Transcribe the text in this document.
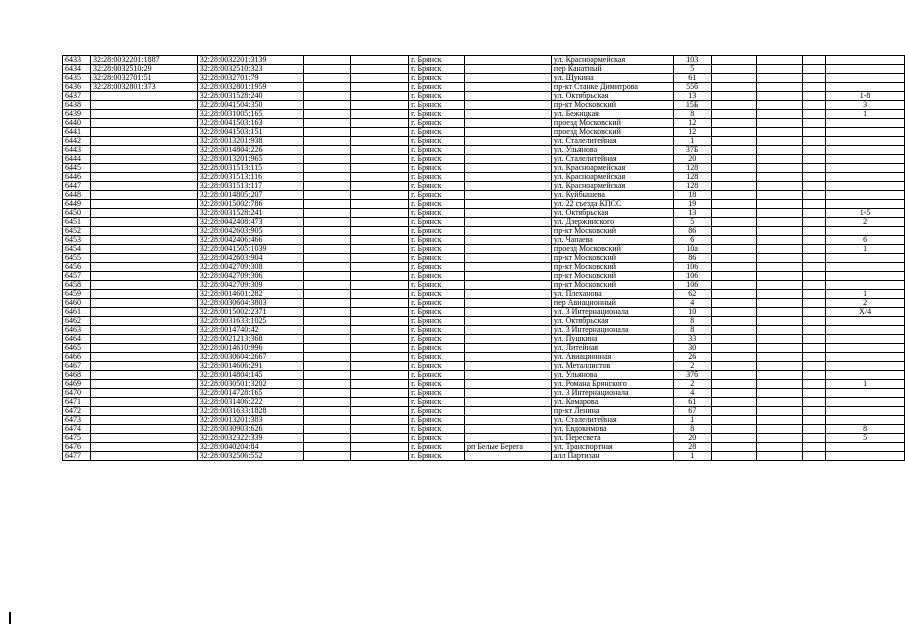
6433	32:28:0032201:1887	32:28:0032201:3139			г. Брянск		ул. Красноармейская	103				
6434	32:28:0032510:29	32:28:0032510:323			г. Брянск		пер Канатный	5				
6435	32:28:0032701:51	32:28:0032701:79			г. Брянск		ул. Щукина	61				
6436	32:28:0032801:373	32:28:0032801:1959			г. Брянск		пр-кт Станке Димитрова	55б				
6437		32:28:0031528:240			г. Брянск		ул. Октябрьская	13				1-8
6438		32:28:0041504:350			г. Брянск		пр-кт Московский	15Б				3
6439		32:28:0031005:165			г. Брянск		ул. Бежицкая	8				1
6440		32:28:0041503:163			г. Брянск		проезд Московский	12				
6441		32:28:0041503:151			г. Брянск		проезд Московский	12				
6442		32:28:0013201:938			г. Брянск		ул. Сталелитейная	1				
6443		32:28:0014804:226			г. Брянск		ул. Ульянова	37Б				
6444		32:28:0013201:965			г. Брянск		ул. Сталелитейная	20				
6445		32:28:0031513:115			г. Брянск		ул. Красноармейская	128				
6446		32:28:0031513:116			г. Брянск		ул. Красноармейская	128				
6447		32:28:0031513:117			г. Брянск		ул. Красноармейская	128				
6448		32:28:0014805:207			г. Брянск		ул. Куйбышева	18				
6449		32:28:0015002:786			г. Брянск		ул. 22 съезда КПСС	19				
6450		32:28:0031528:241			г. Брянск		ул. Октябрьская	13				1-5
6451		32:28:0042408:473			г. Брянск		ул. Дзержинского	5				2
6452		32:28:0042603:905			г. Брянск		пр-кт Московский	86				
6453		32:28:0042406:466			г. Брянск		ул. Чапаева	6				6
6454		32:28:0041505:1039			г. Брянск		проезд Московский	10а				1
6455		32:28:0042603:904			г. Брянск		пр-кт Московский	86				
6456		32:28:0042709:308			г. Брянск		пр-кт Московский	106				
6457		32:28:0042709:306			г. Брянск		пр-кт Московский	106				
6458		32:28:0042709:309			г. Брянск		пр-кт Московский	106				
6459		32:28:0014601:282			г. Брянск		ул. Плеханова	62				1
6460		32:28:0030604:3803			г. Брянск		пер Авиационный	4				2
6461		32:28:0015002:2371			г. Брянск		ул. 3 Интернационала	10				Х/4
6462		32:28:0031633:1025			г. Брянск		ул. Октябрьская	8				
6463		32:28:0014740:42			г. Брянск		ул. 3 Интернационала	8				
6464		32:28:0021213:368			г. Брянск		ул. Пушкина	33				
6465		32:28:0014610:996			г. Брянск		ул. Литейная	30				
6466		32:28:0030604:2667			г. Брянск		ул. Авиационная	26				
6467		32:28:0014606:291			г. Брянск		ул. Металлистов	2				
6468		32:28:0014804:145			г. Брянск		ул. Ульянова	37б				
6469		32:28:0030501:3202			г. Брянск		ул. Романа Брянского	2				1
6470		32:28:0014728:165			г. Брянск		ул. 3 Интернационала	4				
6471		32:28:0031406:222			г. Брянск		ул. Комарова	61				
6472		32:28:0031633:1828			г. Брянск		пр-кт Ленина	67				
6473		32:28:0013201:383			г. Брянск		ул. Сталелитейная	1				
6474		32:28:0030903:626			г. Брянск		ул. Евдокимова	8				8
6475		32:28:0032322:339			г. Брянск		ул. Пересвета	20				5
6476		32:28:0040204:84			г. Брянск	рп Белые Берега	ул. Транспортная	28				
6477		32:28:0032506:552			г. Брянск		алл Партизан	1				
